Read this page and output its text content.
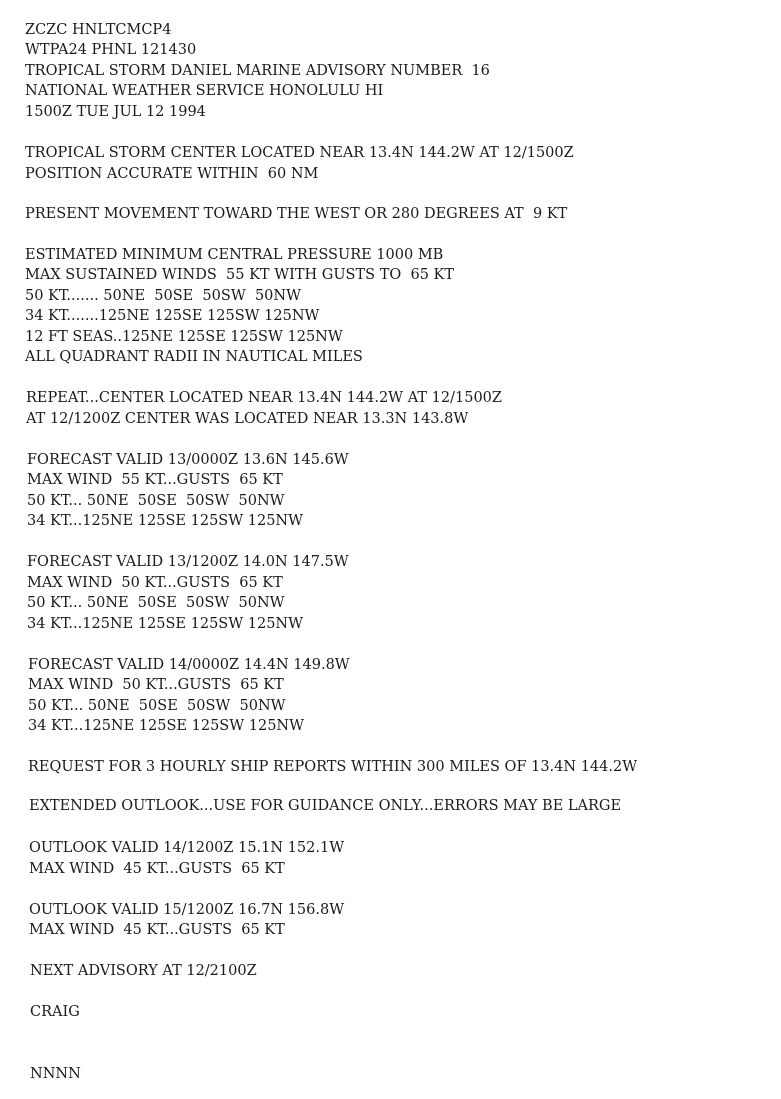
ZCZC HNLTCMCP4
WTPA24 PHNL 121430
TROPICAL STORM DANIEL MARINE ADVISORY NUMBER  16
NATIONAL WEATHER SERVICE HONOLULU HI
1500Z TUE JUL 12 1994
TROPICAL STORM CENTER LOCATED NEAR 13.4N 144.2W AT 12/1500Z
POSITION ACCURATE WITHIN  60 NM
PRESENT MOVEMENT TOWARD THE WEST OR 280 DEGREES AT  9 KT
ESTIMATED MINIMUM CENTRAL PRESSURE 1000 MB
MAX SUSTAINED WINDS  55 KT WITH GUSTS TO  65 KT
50 KT....... 50NE  50SE  50SW  50NW
34 KT.......125NE 125SE 125SW 125NW
12 FT SEAS..125NE 125SE 125SW 125NW
ALL QUADRANT RADII IN NAUTICAL MILES
REPEAT...CENTER LOCATED NEAR 13.4N 144.2W AT 12/1500Z
AT 12/1200Z CENTER WAS LOCATED NEAR 13.3N 143.8W
FORECAST VALID 13/0000Z 13.6N 145.6W
MAX WIND  55 KT...GUSTS  65 KT
50 KT... 50NE  50SE  50SW  50NW
34 KT...125NE 125SE 125SW 125NW
FORECAST VALID 13/1200Z 14.0N 147.5W
MAX WIND  50 KT...GUSTS  65 KT
50 KT... 50NE  50SE  50SW  50NW
34 KT...125NE 125SE 125SW 125NW
FORECAST VALID 14/0000Z 14.4N 149.8W
MAX WIND  50 KT...GUSTS  65 KT
50 KT... 50NE  50SE  50SW  50NW
34 KT...125NE 125SE 125SW 125NW
REQUEST FOR 3 HOURLY SHIP REPORTS WITHIN 300 MILES OF 13.4N 144.2W
EXTENDED OUTLOOK...USE FOR GUIDANCE ONLY...ERRORS MAY BE LARGE
OUTLOOK VALID 14/1200Z 15.1N 152.1W
MAX WIND  45 KT...GUSTS  65 KT
OUTLOOK VALID 15/1200Z 16.7N 156.8W
MAX WIND  45 KT...GUSTS  65 KT
NEXT ADVISORY AT 12/2100Z
CRAIG
NNNN
